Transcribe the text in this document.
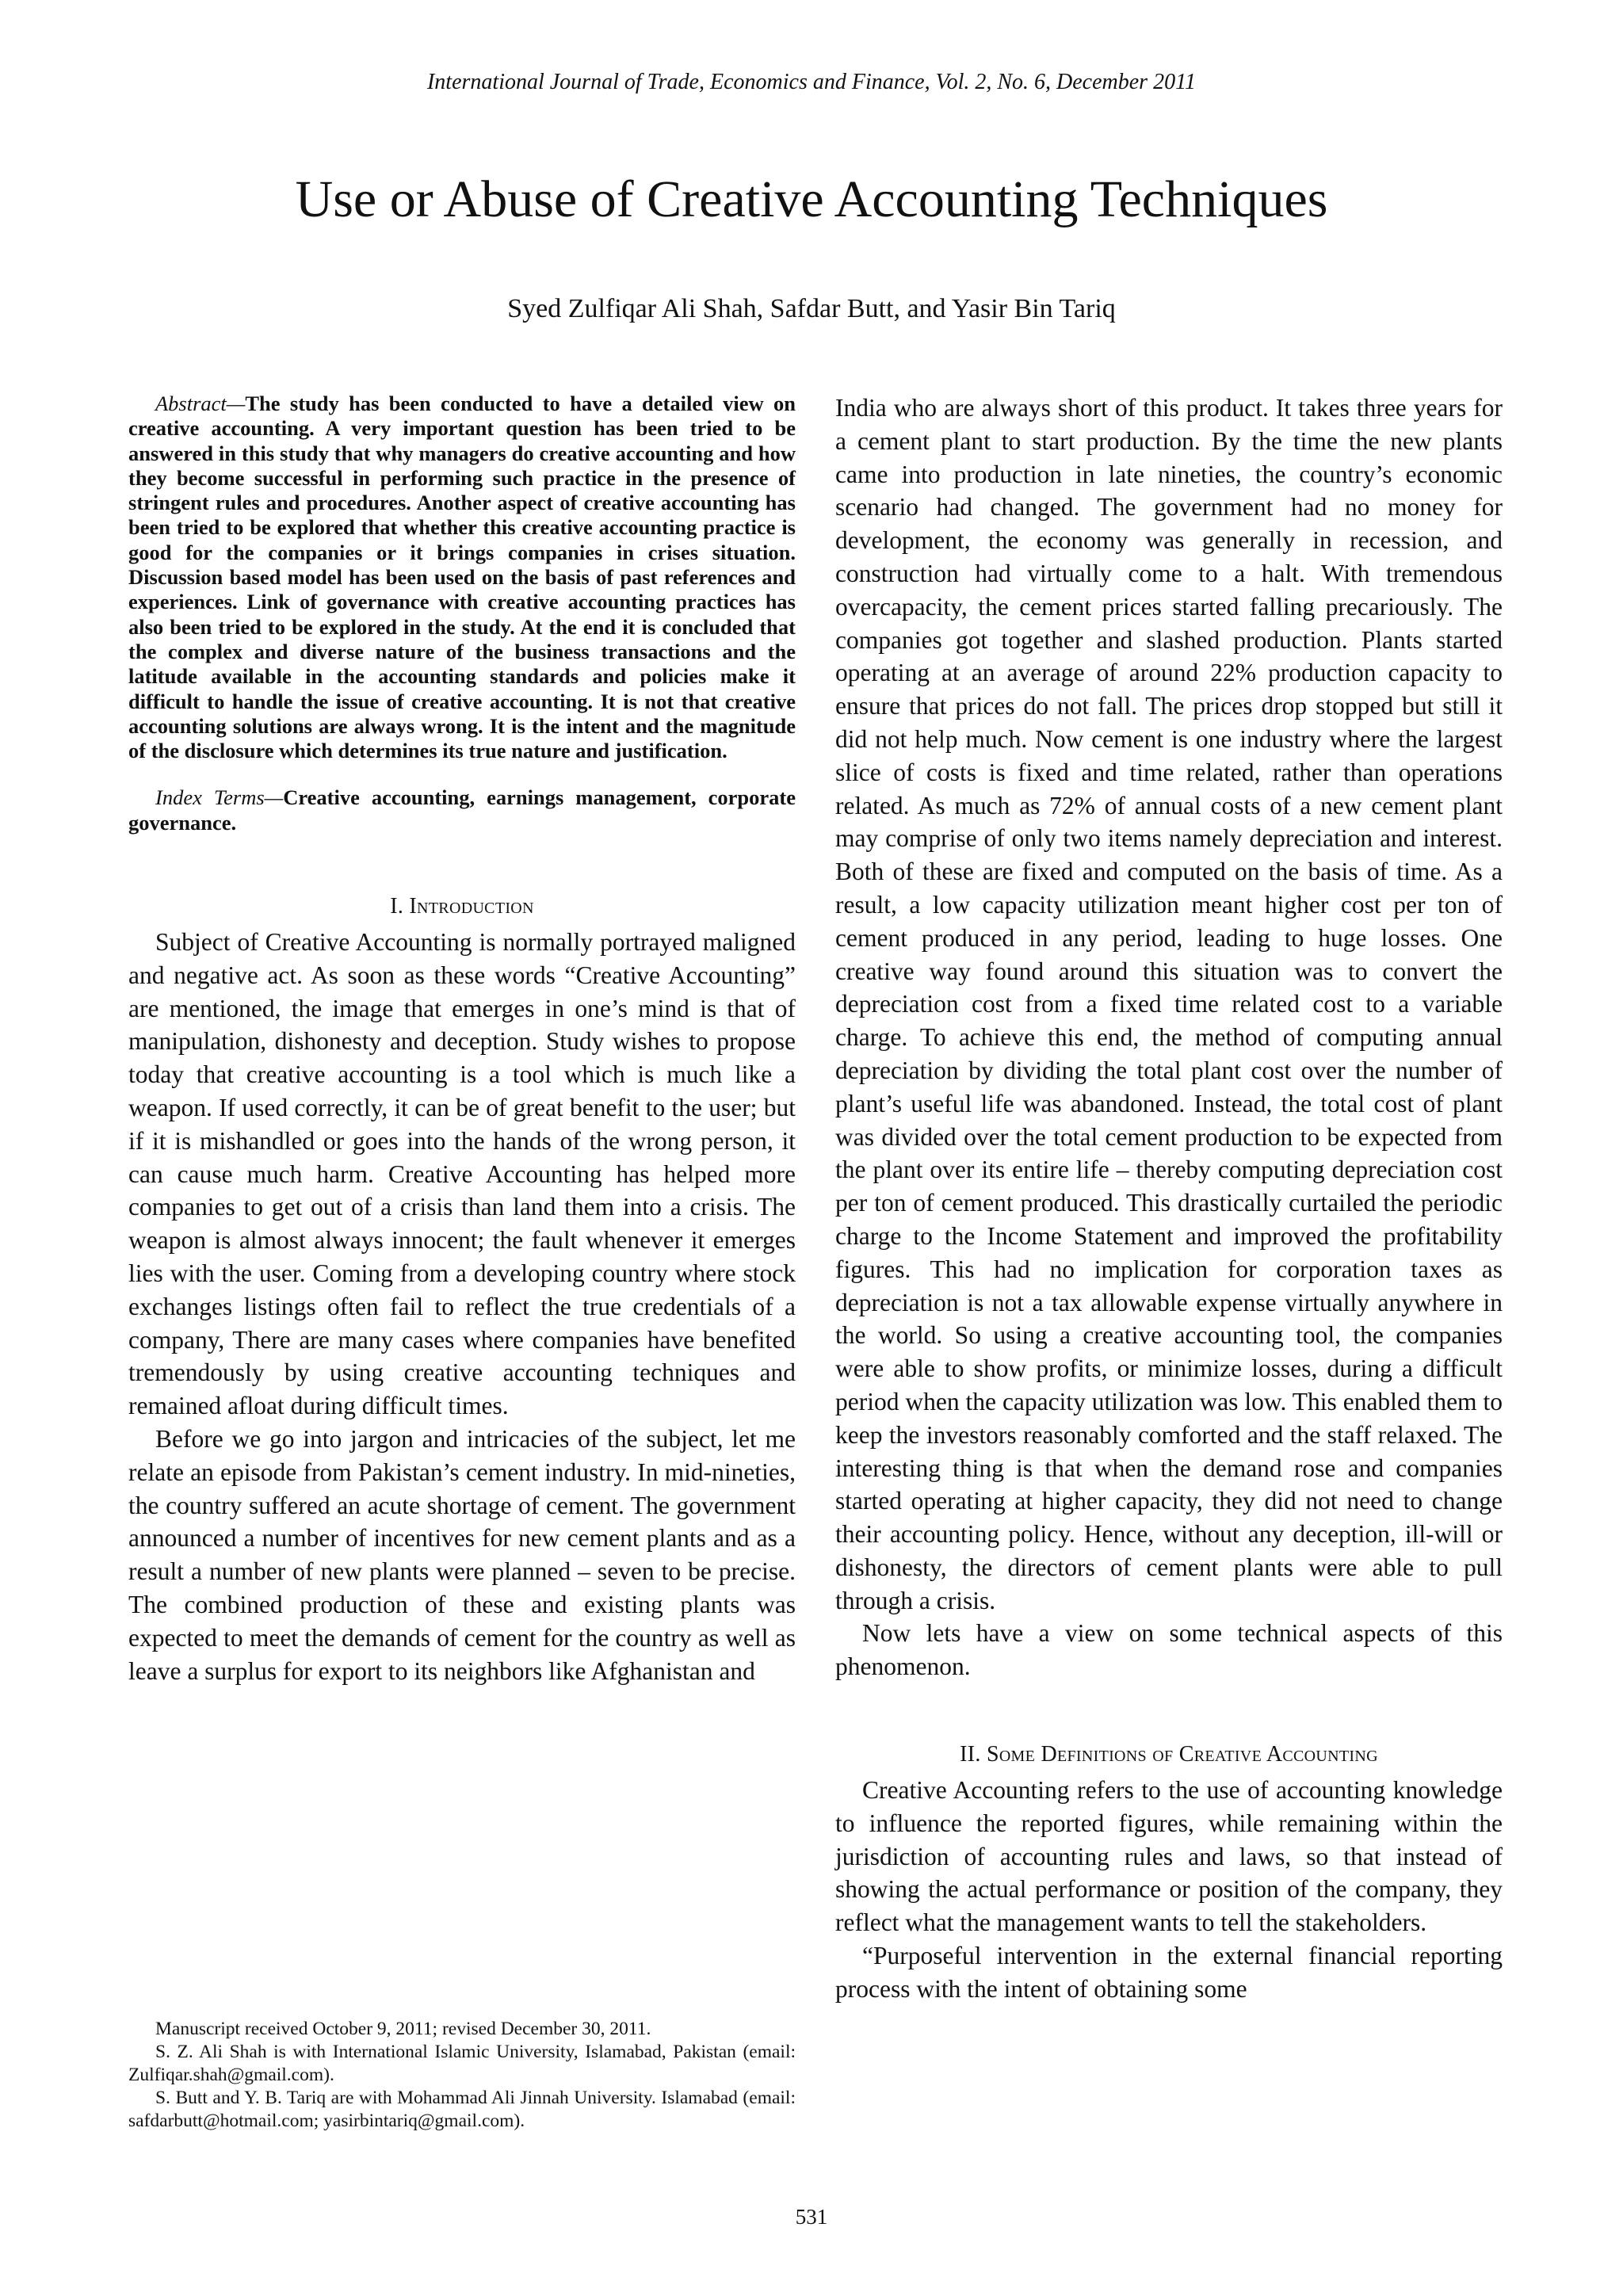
International Journal of Trade, Economics and Finance, Vol. 2, No. 6, December 2011
Use or Abuse of Creative Accounting Techniques
Syed Zulfiqar Ali Shah, Safdar Butt, and Yasir Bin Tariq
Abstract—The study has been conducted to have a detailed view on creative accounting. A very important question has been tried to be answered in this study that why managers do creative accounting and how they become successful in performing such practice in the presence of stringent rules and procedures. Another aspect of creative accounting has been tried to be explored that whether this creative accounting practice is good for the companies or it brings companies in crises situation. Discussion based model has been used on the basis of past references and experiences. Link of governance with creative accounting practices has also been tried to be explored in the study. At the end it is concluded that the complex and diverse nature of the business transactions and the latitude available in the accounting standards and policies make it difficult to handle the issue of creative accounting. It is not that creative accounting solutions are always wrong. It is the intent and the magnitude of the disclosure which determines its true nature and justification.
Index Terms—Creative accounting, earnings management, corporate governance.
I. Introduction

Subject of Creative Accounting is normally portrayed maligned and negative act. As soon as these words “Creative Accounting” are mentioned, the image that emerges in one’s mind is that of manipulation, dishonesty and deception. Study wishes to propose today that creative accounting is a tool which is much like a weapon. If used correctly, it can be of great benefit to the user; but if it is mishandled or goes into the hands of the wrong person, it can cause much harm. Creative Accounting has helped more companies to get out of a crisis than land them into a crisis. The weapon is almost always innocent; the fault whenever it emerges lies with the user. Coming from a developing country where stock exchanges listings often fail to reflect the true credentials of a company, There are many cases where companies have benefited tremendously by using creative accounting techniques and remained afloat during difficult times.

Before we go into jargon and intricacies of the subject, let me relate an episode from Pakistan’s cement industry. In mid-nineties, the country suffered an acute shortage of cement. The government announced a number of incentives for new cement plants and as a result a number of new plants were planned – seven to be precise. The combined production of these and existing plants was expected to meet the demands of cement for the country as well as leave a surplus for export to its neighbors like Afghanistan and

Manuscript received October 9, 2011; revised December 30, 2011.

S. Z. Ali Shah is with International Islamic University, Islamabad, Pakistan (email: Zulfiqar.shah@gmail.com).

S. Butt and Y. B. Tariq are with Mohammad Ali Jinnah University. Islamabad (email: safdarbutt@hotmail.com; yasirbintariq@gmail.com).

India who are always short of this product. It takes three years for a cement plant to start production. By the time the new plants came into production in late nineties, the country’s economic scenario had changed. The government had no money for development, the economy was generally in recession, and construction had virtually come to a halt. With tremendous overcapacity, the cement prices started falling precariously. The companies got together and slashed production. Plants started operating at an average of around 22% production capacity to ensure that prices do not fall. The prices drop stopped but still it did not help much. Now cement is one industry where the largest slice of costs is fixed and time related, rather than operations related. As much as 72% of annual costs of a new cement plant may comprise of only two items namely depreciation and interest. Both of these are fixed and computed on the basis of time. As a result, a low capacity utilization meant higher cost per ton of cement produced in any period, leading to huge losses. One creative way found around this situation was to convert the depreciation cost from a fixed time related cost to a variable charge. To achieve this end, the method of computing annual depreciation by dividing the total plant cost over the number of plant’s useful life was abandoned. Instead, the total cost of plant was divided over the total cement production to be expected from the plant over its entire life – thereby computing depreciation cost per ton of cement produced. This drastically curtailed the periodic charge to the Income Statement and improved the profitability figures. This had no implication for corporation taxes as depreciation is not a tax allowable expense virtually anywhere in the world. So using a creative accounting tool, the companies were able to show profits, or minimize losses, during a difficult period when the capacity utilization was low. This enabled them to keep the investors reasonably comforted and the staff relaxed. The interesting thing is that when the demand rose and companies started operating at higher capacity, they did not need to change their accounting policy. Hence, without any deception, ill-will or dishonesty, the directors of cement plants were able to pull through a crisis.

Now lets have a view on some technical aspects of this phenomenon.

II. Some Definitions of Creative Accounting

Creative Accounting refers to the use of accounting knowledge to influence the reported figures, while remaining within the jurisdiction of accounting rules and laws, so that instead of showing the actual performance or position of the company, they reflect what the management wants to tell the stakeholders.

“Purposeful intervention in the external financial reporting process with the intent of obtaining some

531
